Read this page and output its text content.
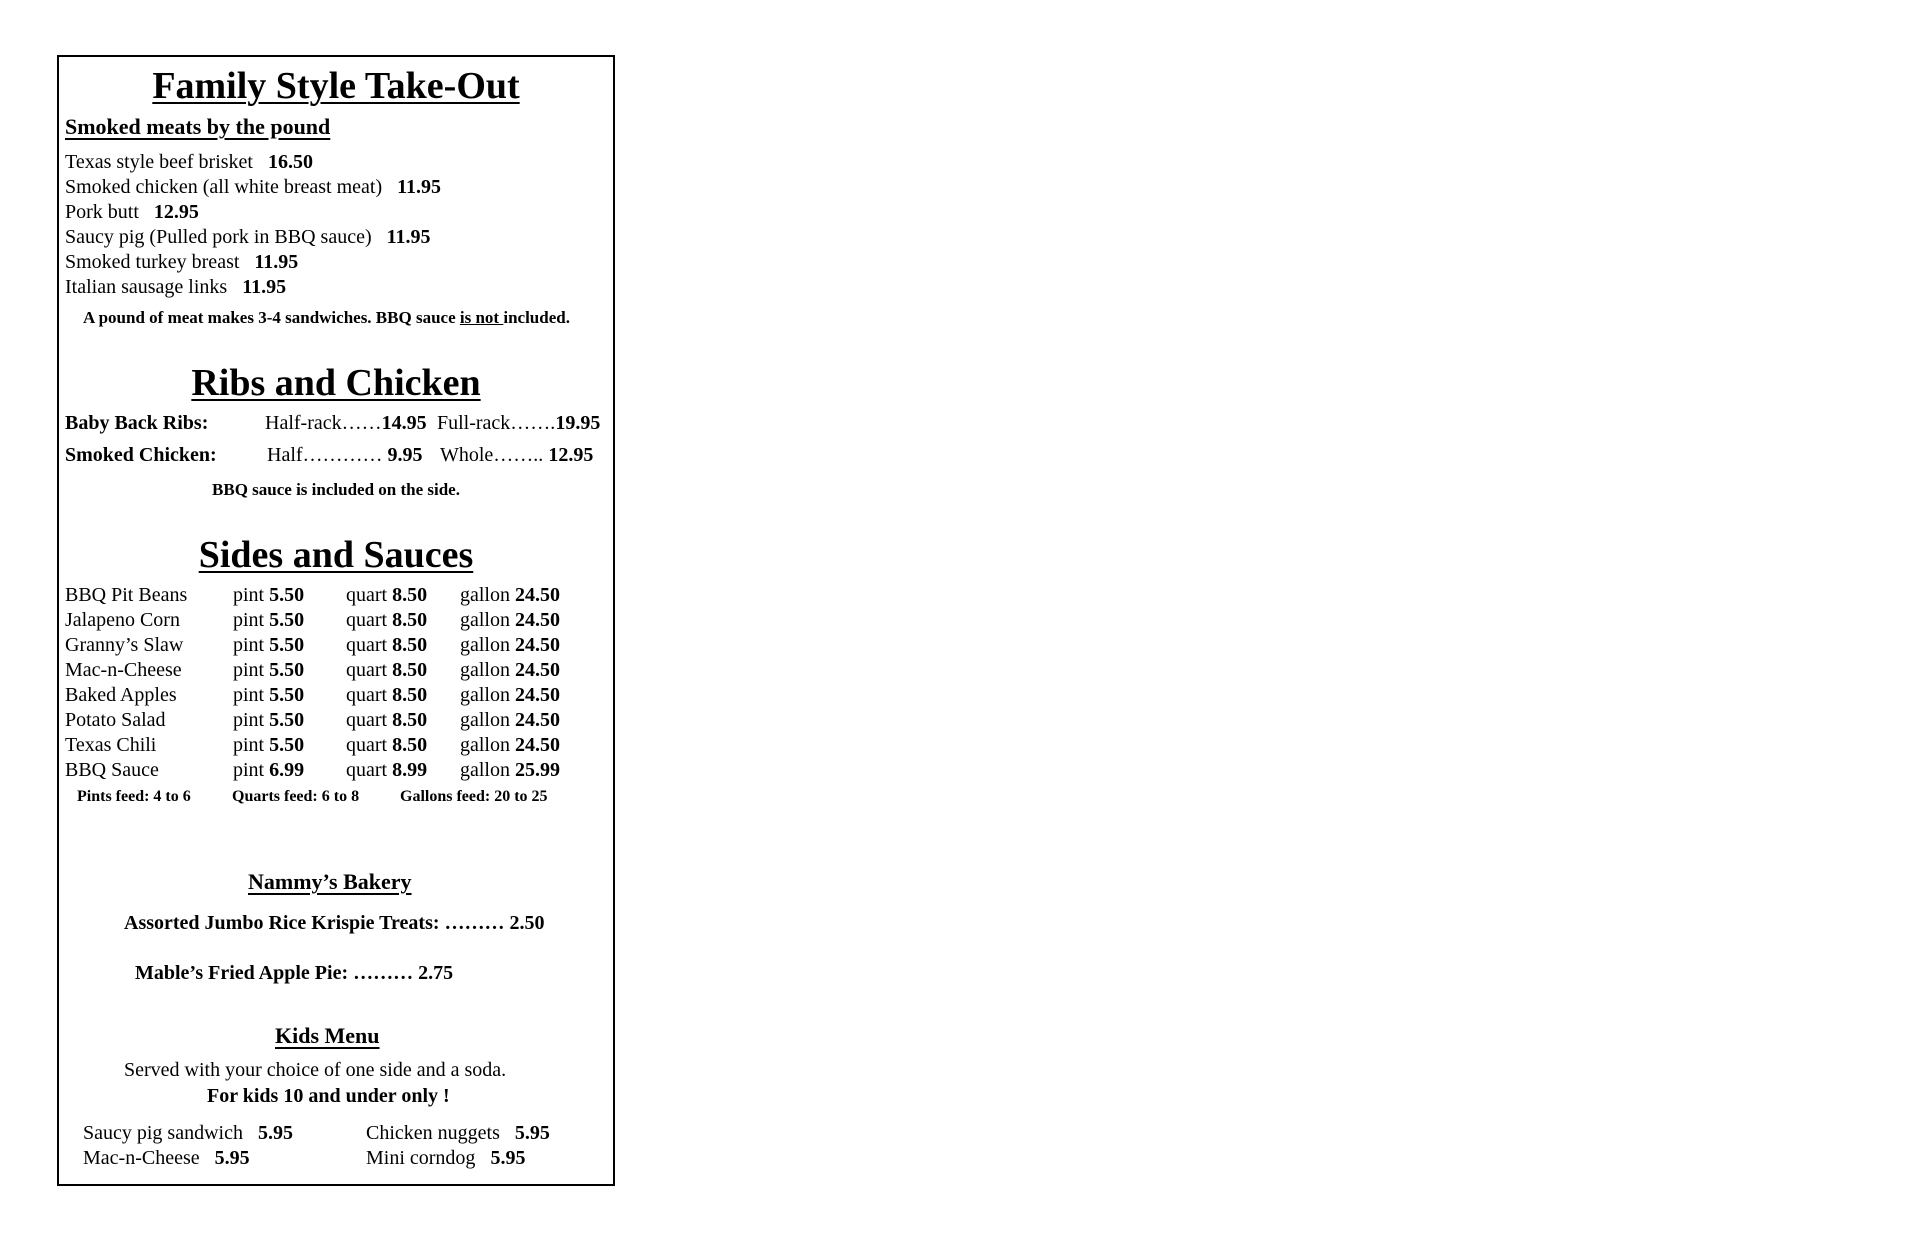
Family Style Take-Out
Smoked meats by the pound
Texas style beef brisket 16.50
Smoked chicken (all white breast meat) 11.95
Pork butt 12.95
Saucy pig (Pulled pork in BBQ sauce) 11.95
Smoked turkey breast 11.95
Italian sausage links 11.95
A pound of meat makes 3-4 sandwiches. BBQ sauce is not included.
Ribs and Chicken
Baby Back Ribs:	Half-rack……14.95 Full-rack…….19.95
Smoked Chicken:	Half………… 9.95 Whole…….. 12.95
BBQ sauce is included on the side.
Sides and Sauces
BBQ Pit Beans pint 5.50 quart 8.50 gallon 24.50
Jalapeno Corn	pint 5.50 quart 8.50 gallon 24.50
Granny’s Slaw pint 5.50 quart 8.50 gallon 24.50
Mac-n-Cheese	pint 5.50 quart 8.50 gallon 24.50
Baked Apples	pint 5.50 quart 8.50 gallon 24.50
Potato Salad	pint 5.50 quart 8.50 gallon 24.50
Texas Chili	pint 5.50 quart 8.50 gallon 24.50
BBQ Sauce	pint 6.99 quart 8.99 gallon 25.99
Pints feed: 4 to 6	Quarts feed: 6 to 8	Gallons feed: 20 to 25
Nammy’s Bakery
Assorted Jumbo Rice Krispie Treats: ……… 2.50
Mable’s Fried Apple Pie: ……… 2.75
Kids Menu
Served with your choice of one side and a soda.
For kids 10 and under only !
Saucy pig sandwich 5.95	Chicken nuggets 5.95
Mac-n-Cheese 5.95	Mini corndog 5.95
